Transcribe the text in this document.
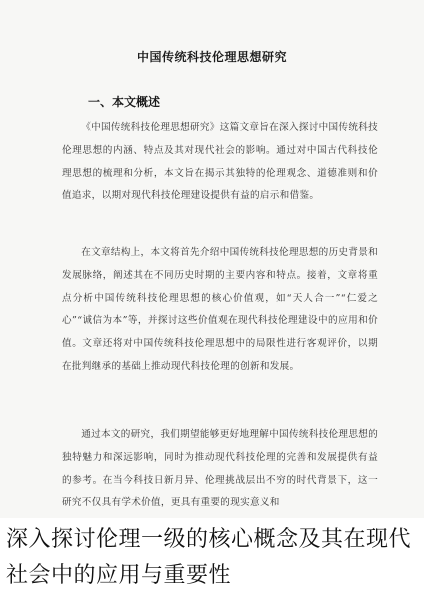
中国传统科技伦理思想研究
一、本文概述
《中国传统科技伦理思想研究》这篇文章旨在深入探讨中国传统科技伦理思想的内涵、特点及其对现代社会的影响。通过对中国古代科技伦理思想的梳理和分析，本文旨在揭示其独特的伦理观念、道德准则和价值追求，以期对现代科技伦理建设提供有益的启示和借鉴。
在文章结构上，本文将首先介绍中国传统科技伦理思想的历史背景和发展脉络，阐述其在不同历史时期的主要内容和特点。接着，文章将重点分析中国传统科技伦理思想的核心价值观，如“天人合一”“仁爱之心”“诚信为本”等，并探讨这些价值观在现代科技伦理建设中的应用和价值。文章还将对中国传统科技伦理思想中的局限性进行客观评价，以期在批判继承的基础上推动现代科技伦理的创新和发展。
通过本文的研究，我们期望能够更好地理解中国传统科技伦理思想的独特魅力和深远影响，同时为推动现代科技伦理的完善和发展提供有益的参考。在当今科技日新月异、伦理挑战层出不穷的时代背景下，这一研究不仅具有学术价值，更具有重要的现实意义和
深入探讨伦理一级的核心概念及其在现代社会中的应用与重要性
